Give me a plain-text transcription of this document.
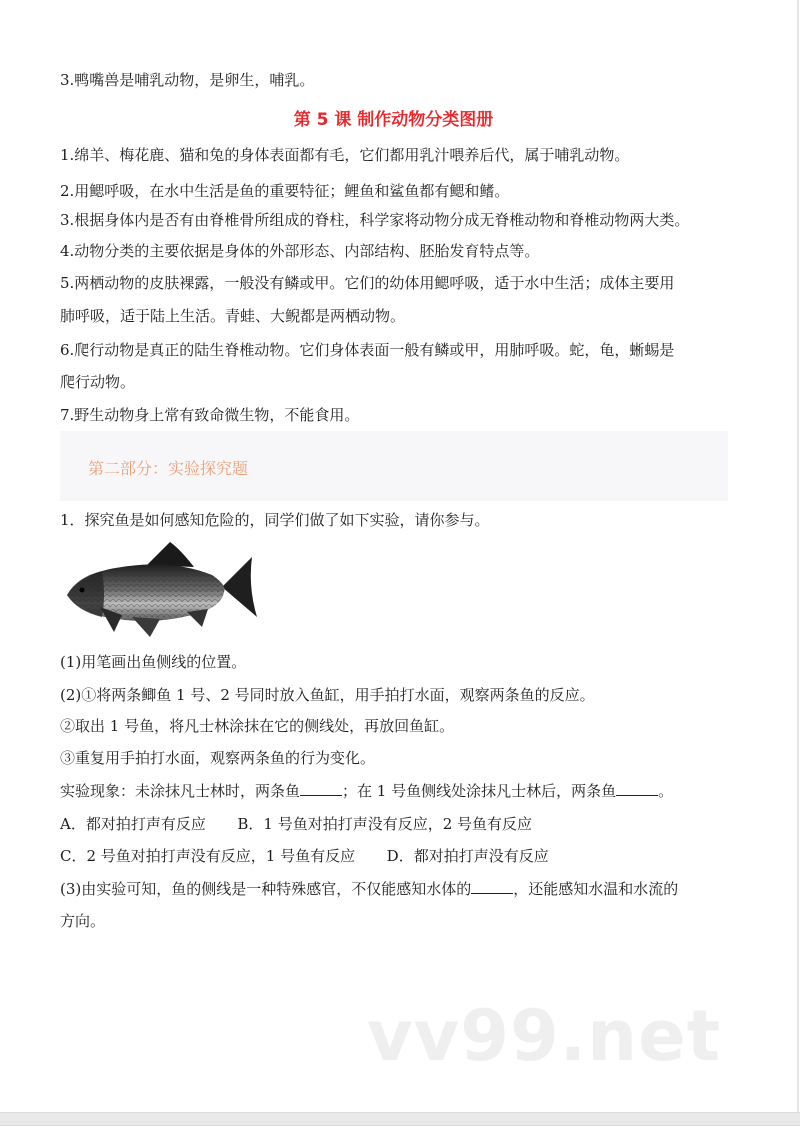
3.鸭嘴兽是哺乳动物，是卵生，哺乳。
第 5 课 制作动物分类图册
1.绵羊、梅花鹿、猫和兔的身体表面都有毛，它们都用乳汁喂养后代，属于哺乳动物。
2.用鳃呼吸，在水中生活是鱼的重要特征；鲤鱼和鲨鱼都有鳃和鳍。
3.根据身体内是否有由脊椎骨所组成的脊柱，科学家将动物分成无脊椎动物和脊椎动物两大类。
4.动物分类的主要依据是身体的外部形态、内部结构、胚胎发育特点等。
5.两栖动物的皮肤裸露，一般没有鳞或甲。它们的幼体用鳃呼吸，适于水中生活；成体主要用
肺呼吸，适于陆上生活。青蛙、大鲵都是两栖动物。
6.爬行动物是真正的陆生脊椎动物。它们身体表面一般有鳞或甲，用肺呼吸。蛇，龟，蜥蜴是
爬行动物。
7.野生动物身上常有致命微生物，不能食用。
第二部分：实验探究题
1．探究鱼是如何感知危险的，同学们做了如下实验，请你参与。
(1)用笔画出鱼侧线的位置。
(2)①将两条鲫鱼 1 号、2 号同时放入鱼缸，用手拍打水面，观察两条鱼的反应。
②取出 1 号鱼，将凡士林涂抹在它的侧线处，再放回鱼缸。
③重复用手拍打水面，观察两条鱼的行为变化。
实验现象：未涂抹凡士林时，两条鱼	；在 1 号鱼侧线处涂抹凡士林后，两条鱼	。
A．都对拍打声有反应 B．1 号鱼对拍打声没有反应，2 号鱼有反应
C．2 号鱼对拍打声没有反应，1 号鱼有反应 D．都对拍打声没有反应
(3)由实验可知，鱼的侧线是一种特殊感官，不仅能感知水体的	，还能感知水温和水流的
方向。
vv99.net
